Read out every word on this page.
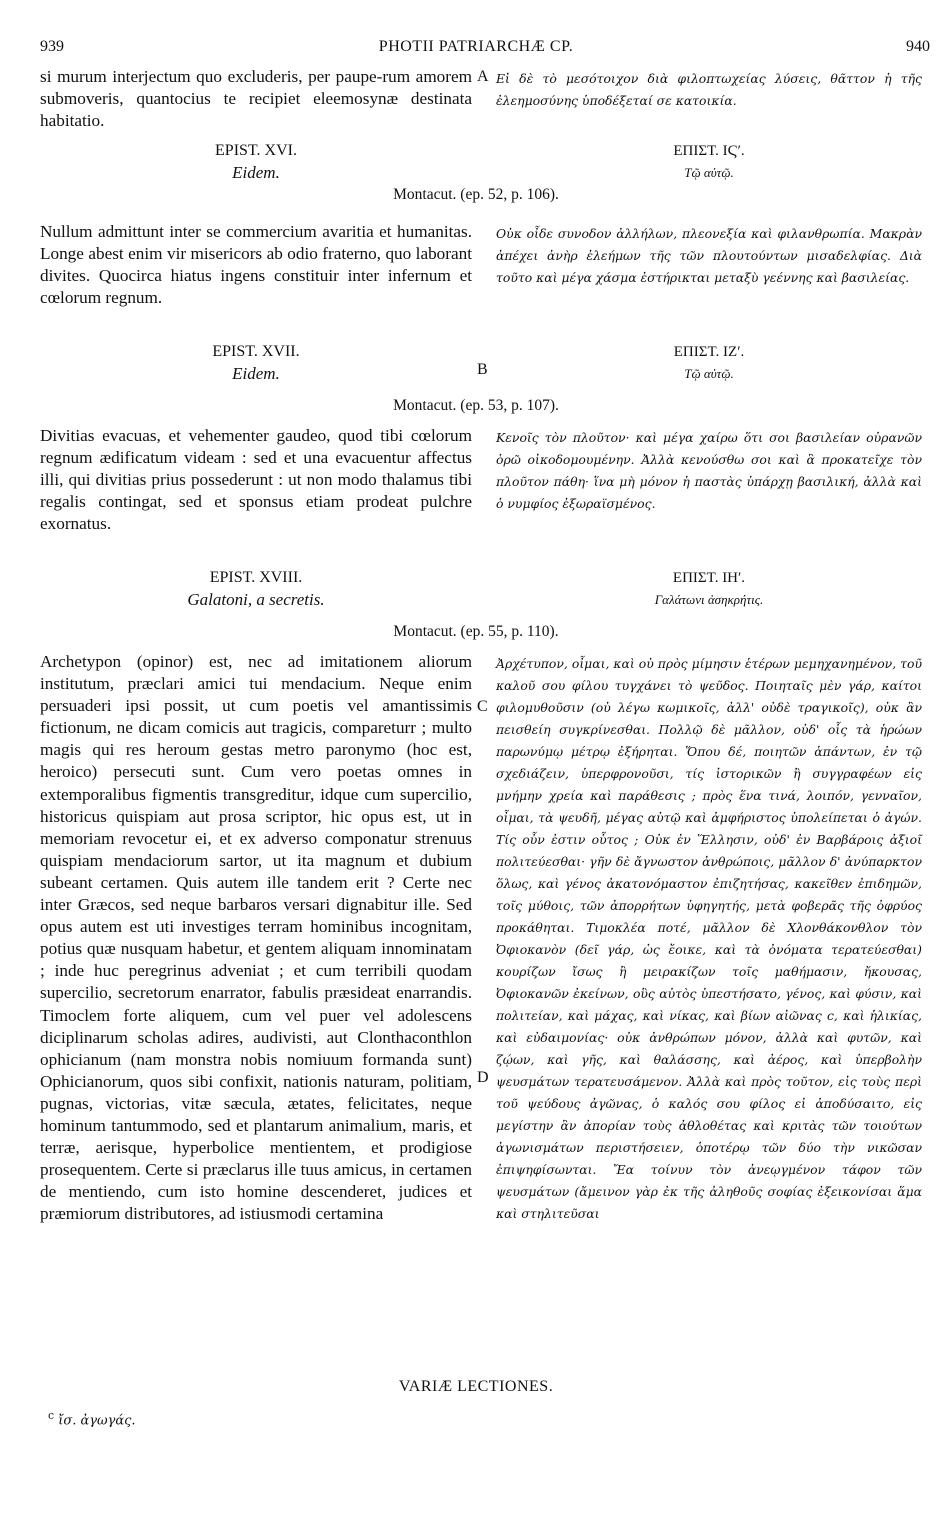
939	PHOTII PATRIARCHÆ CP.	940

si murum interjectum quo excluderis, per paupe-rum amorem submoveris, quantocius te recipiet eleemosynæ destinata habitatio.

Εἰ δὲ τὸ μεσότοιχον διὰ φιλοπτωχείας λύσεις, θᾶττον ἡ τῆς ἐλεημοσύνης ὑποδέξεταί σε κατοικία.

A
EPIST. XVI.
Eidem.
ΕΠΙΣΤ. ΙϚʹ.
Τῷ αὐτῷ.
Montacut. (ep. 52, p. 106).

Nullum admittunt inter se commercium avaritia et humanitas. Longe abest enim vir misericors ab odio fraterno, quo laborant divites. Quocirca hiatus ingens constituir inter infernum et cœlorum regnum.

Οὐκ οἶδε συνοδον ἀλλήλων, πλεονεξία καὶ φιλανθρωπία. Μακρὰν ἀπέχει ἀνὴρ ἐλεήμων τῆς τῶν πλουτούντων μισαδελφίας. Διὰ τοῦτο καὶ μέγα χάσμα ἐστήρικται μεταξὺ γεέννης καὶ βασιλείας.

EPIST. XVII.
Eidem.
ΕΠΙΣΤ. ΙΖʹ.
Τῷ αὐτῷ.
B
Montacut. (ep. 53, p. 107).

Divitias evacuas, et vehementer gaudeo, quod tibi cœlorum regnum ædificatum videam : sed et una evacuentur affectus illi, qui divitias prius possederunt : ut non modo thalamus tibi regalis contingat, sed et sponsus etiam prodeat pulchre exornatus.

Κενοῖς τὸν πλοῦτον· καὶ μέγα χαίρω ὅτι σοι βασιλείαν οὐρανῶν ὁρῶ οἰκοδομουμένην. Ἀλλὰ κενούσθω σοι καὶ ἃ προκατεῖχε τὸν πλοῦτον πάθη· ἵνα μὴ μόνον ἡ παστὰς ὑπάρχῃ βασιλική, ἀλλὰ καὶ ὁ νυμφίος ἐξωραϊσμένος.

EPIST. XVIII.
Galatoni, a secretis.
ΕΠΙΣΤ. ΙΗʹ.
Γαλάτωνι ἀσηκρήτις.
Montacut. (ep. 55, p. 110).

Archetypon (opinor) est, nec ad imitationem aliorum institutum, præclari amici tui mendacium. Neque enim persuaderi ipsi possit, ut cum poetis vel amantissimis fictionum, ne dicam comicis aut tragicis, compareturr ; multo magis qui res heroum gestas metro paronymo (hoc est, heroico) persecuti sunt. Cum vero poetas omnes in extemporalibus figmentis transgreditur, idque cum supercilio, historicus quispiam aut prosa scriptor, hic opus est, ut in memoriam revocetur ei, et ex adverso componatur strenuus quispiam mendaciorum sartor, ut ita magnum et dubium subeant certamen. Quis autem ille tandem erit ? Certe nec inter Græcos, sed neque barbaros versari dignabitur ille. Sed opus autem est uti investiges terram hominibus incognitam, potius quæ nusquam habetur, et gentem aliquam innominatam ; inde huc peregrinus adveniat ; et cum terribili quodam supercilio, secretorum enarrator, fabulis præsideat enarrandis. Timoclem forte aliquem, cum vel puer vel adolescens diciplinarum scholas adires, audivisti, aut Clonthaconthlon ophicianum (nam monstra nobis nomiuum formanda sunt) Ophicianorum, quos sibi confixit, nationis naturam, politiam, pugnas, victorias, vitæ sæcula, ætates, felicitates, neque hominum tantummodo, sed et plantarum animalium, maris, et terræ, aerisque, hyperbolice mentientem, et prodigiose prosequentem. Certe si præclarus ille tuus amicus, in certamen de mentiendo, cum isto homine descenderet, judices et præmiorum distributores, ad istiusmodi certamina

Ἀρχέτυπον, οἶμαι, καὶ οὐ πρὸς μίμησιν ἑτέρων μεμηχανημένον, τοῦ καλοῦ σου φίλου τυγχάνει τὸ ψεῦδος. Ποιηταῖς μὲν γάρ, καίτοι φιλομυθοῦσιν (οὐ λέγω κωμικοῖς, ἀλλ' οὐδὲ τραγικοῖς), οὐκ ἂν πεισθείη συγκρίνεσθαι. Πολλῷ δὲ μᾶλλον, οὐδ' οἷς τὰ ἡρώων παρωνύμῳ μέτρῳ ἐξήρηται. Ὅπου δέ, ποιητῶν ἁπάντων, ἐν τῷ σχεδιάζειν, ὑπερφρονοῦσι, τίς ἱστορικῶν ἢ συγγραφέων εἰς μνήμην χρεία καὶ παράθεσις ; πρὸς ἕνα τινά, λοιπόν, γενναῖον, οἶμαι, τὰ ψευδῆ, μέγας αὐτῷ καὶ ἀμφήριστος ὑπολείπεται ὁ ἀγών. Τίς οὖν ἐστιν οὗτος ; Οὐκ ἐν Ἕλλησιν, οὐδ' ἐν Βαρβάροις ἀξιοῖ πολιτεύεσθαι· γῆν δὲ ἄγνωστον ἀνθρώποις, μᾶλλον δ' ἀνύπαρκτον ὅλως, καὶ γένος ἀκατονόμαστον ἐπιζητήσας, κακεῖθεν ἐπιδημῶν, τοῖς μύθοις, τῶν ἀπορρήτων ὑφηγητής, μετὰ φοβερᾶς τῆς ὀφρύος προκάθηται. Τιμοκλέα ποτέ, μᾶλλον δὲ Χλονθάκονθλον τὸν Ὀφιοκανὸν (δεῖ γάρ, ὡς ἔοικε, καὶ τὰ ὀνόματα τερατεύεσθαι) κουρίζων ἴσως ἢ μειρακίζων τοῖς μαθήμασιν, ἤκουσας, Ὀφιοκανῶν ἐκείνων, οὓς αὐτὸς ὑπεστήσατο, γένος, καὶ φύσιν, καὶ πολιτείαν, καὶ μάχας, καὶ νίκας, καὶ βίων αἰῶνας c, καὶ ἡλικίας, καὶ εὐδαιμονίας· οὐκ ἀνθρώπων μόνον, ἀλλὰ καὶ φυτῶν, καὶ ζῴων, καὶ γῆς, καὶ θαλάσσης, καὶ ἀέρος, καὶ ὑπερβολὴν ψευσμάτων τερατευσάμενον. Ἀλλὰ καὶ πρὸς τοῦτον, εἰς τοὺς περὶ τοῦ ψεύδους ἀγῶνας, ὁ καλός σου φίλος εἰ ἀποδύσαιτο, εἰς μεγίστην ἂν ἀπορίαν τοὺς ἀθλοθέτας καὶ κριτὰς τῶν τοιούτων ἀγωνισμάτων περιστήσειεν, ὁποτέρῳ τῶν δύο τὴν νικῶσαν ἐπιψηφίσωνται. Ἔα τοίνυν τὸν ἀνεῳγμένον τάφον τῶν ψευσμάτων (ἄμεινον γὰρ ἐκ τῆς ἀληθοῦς σοφίας ἐξεικονίσαι ἅμα καὶ στηλιτεῦσαι

C
D
VARIÆ LECTIONES.
$^c$ ἴσ. ἀγωγάς.
